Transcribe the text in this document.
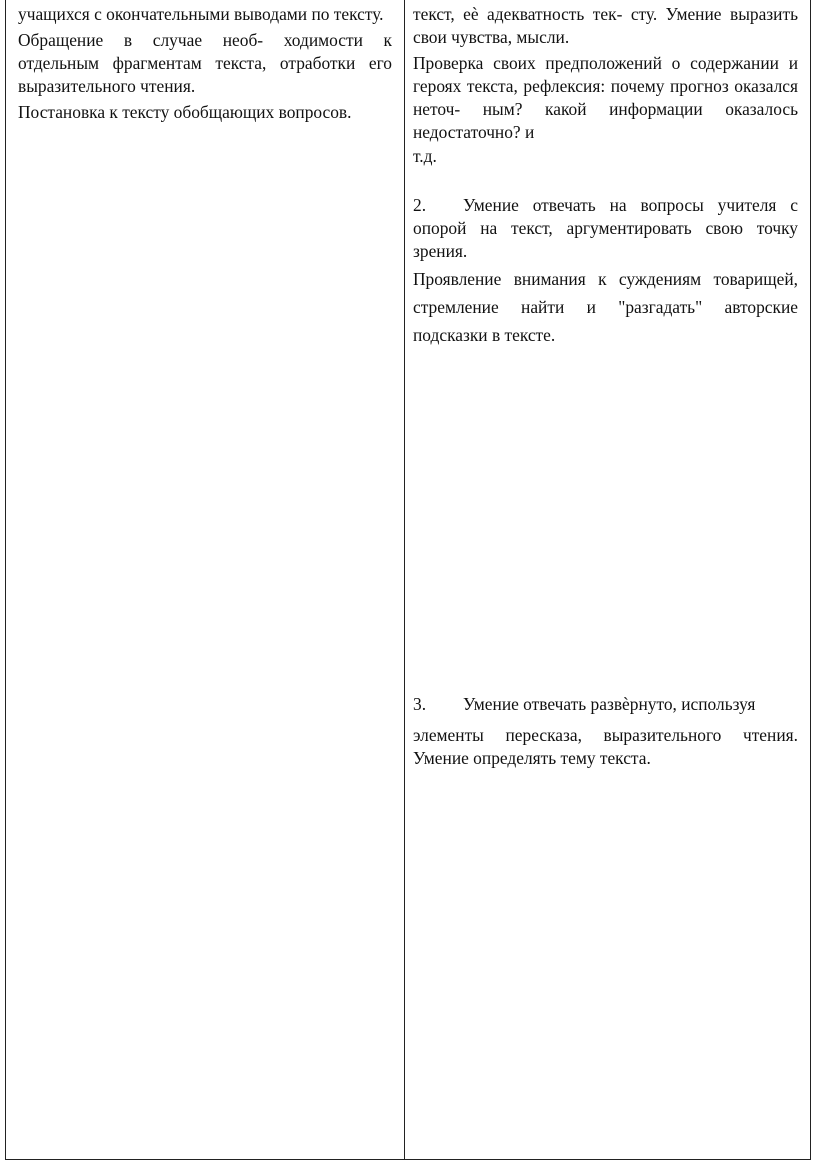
учащихся с окончательными выводами по тексту.

Обращение в случае необ- ходимости к отдельным фрагментам текста, отработки его выразительного чтения.

Постановка к тексту обобщающих вопросов.

текст, еѐ адекватность тек- сту. Умение выразить свои чувства, мысли.

Проверка своих предположений о содержании и героях текста, рефлексия: почему прогноз оказался неточ- ным? какой информации оказалось недостаточно? и

т.д.

2. Умение отвечать на вопросы учителя с опорой на текст, аргументировать свою точку зрения.

Проявление внимания к суждениям товарищей, стремление найти и "разгадать" авторские подсказки в тексте.

3. Умение отвечать развѐрнуто, используя

элементы пересказа, выразительного чтения. Умение определять тему текста.
